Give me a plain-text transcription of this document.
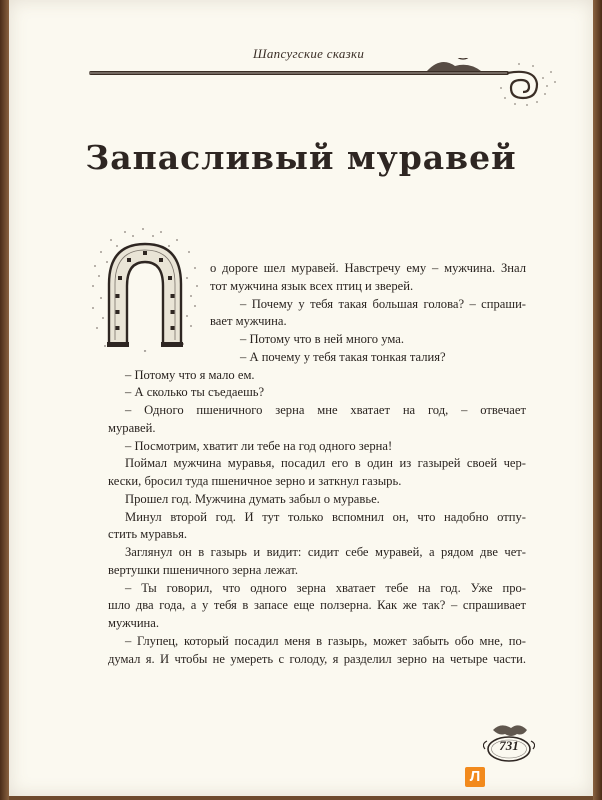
Шапсугские сказки
Запасливый муравей
П
о дороге шел муравей. Навстречу ему – мужчина. Знал
тот мужчина язык всех птиц и зверей.
– Почему у тебя такая большая голова? – спраши-
вает мужчина.
– Потому что в ней много ума.
– А почему у тебя такая тонкая талия?
– Потому что я мало ем.
– А сколько ты съедаешь?
– Одного пшеничного зерна мне хватает на год, – отвечает
муравей.
– Посмотрим, хватит ли тебе на год одного зерна!
Поймал мужчина муравья, посадил его в один из газырей своей чер-
кески, бросил туда пшеничное зерно и заткнул газырь.
Прошел год. Мужчина думать забыл о муравье.
Минул второй год. И тут только вспомнил он, что надобно отпу-
стить муравья.
Заглянул он в газырь и видит: сидит себе муравей, а рядом две чет-
вертушки пшеничного зерна лежат.
– Ты говорил, что одного зерна хватает тебе на год. Уже про-
шло два года, а у тебя в запасе еще ползерна. Как же так? – спрашивает
мужчина.
– Глупец, который посадил меня в газырь, может забыть обо мне, по-
думал я. И чтобы не умереть с голоду, я разделил зерно на четыре части.
731
Л
